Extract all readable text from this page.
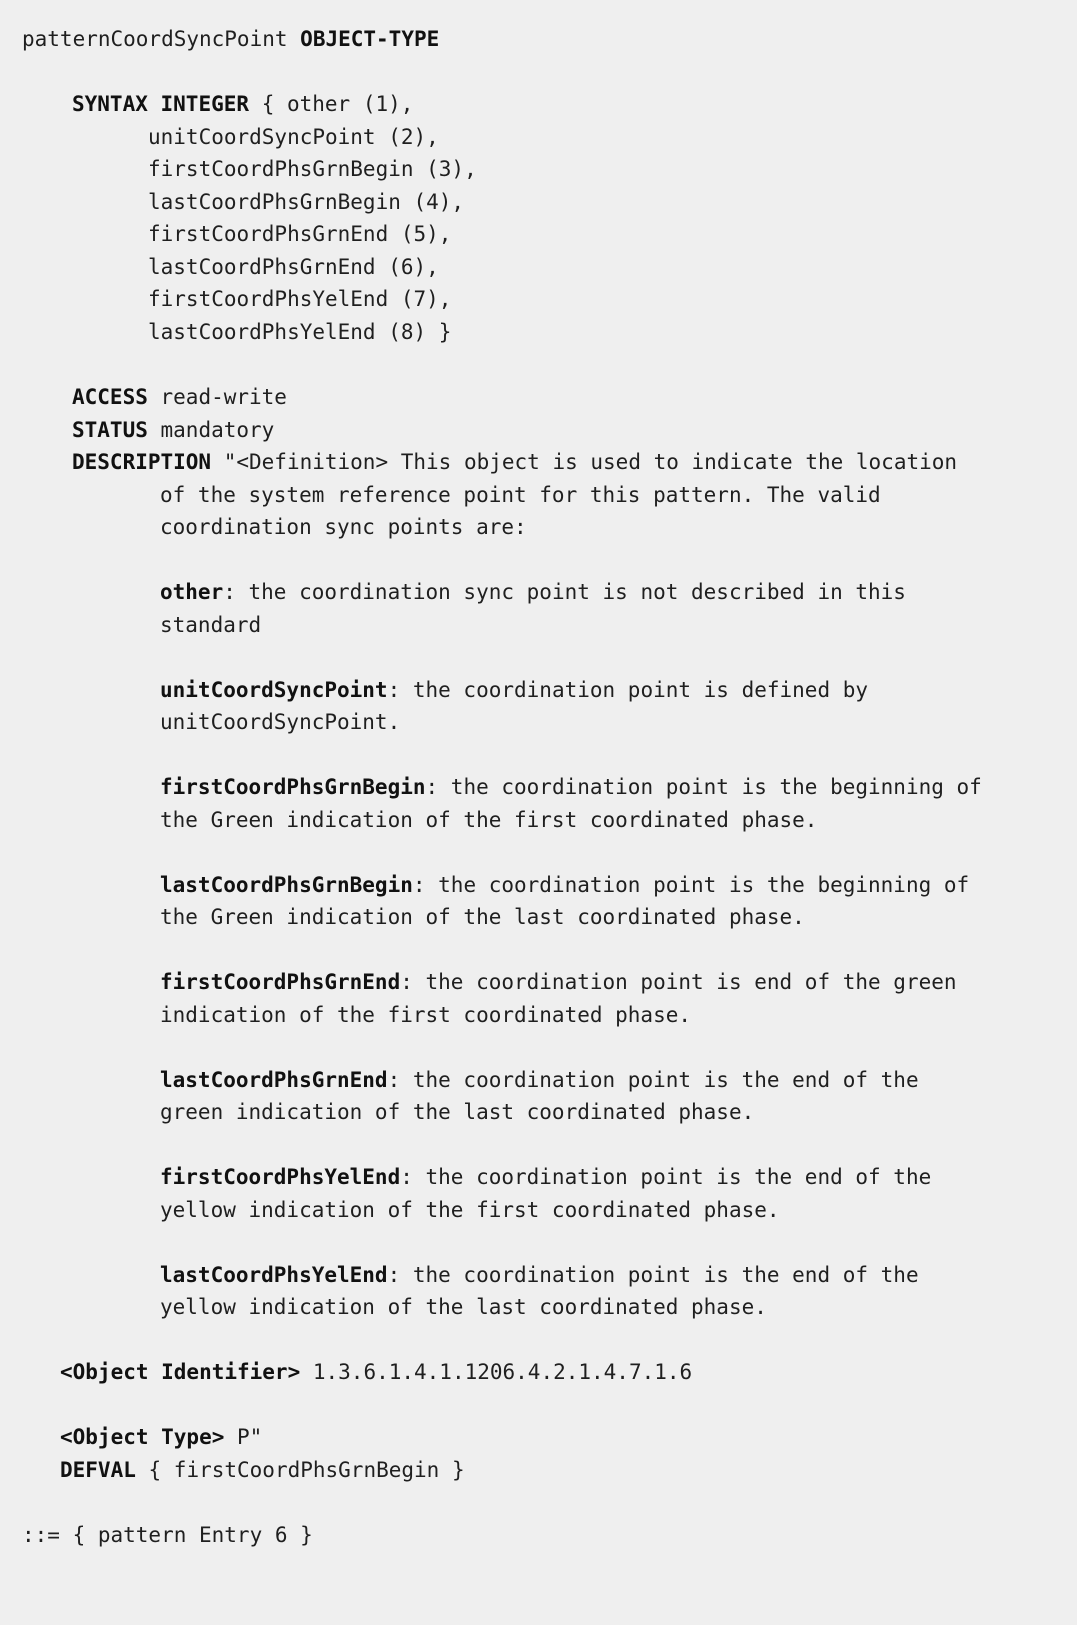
patternCoordSyncPoint OBJECT-TYPE
SYNTAX INTEGER { other (1),
unitCoordSyncPoint (2),
firstCoordPhsGrnBegin (3),
lastCoordPhsGrnBegin (4),
firstCoordPhsGrnEnd (5),
lastCoordPhsGrnEnd (6),
firstCoordPhsYelEnd (7),
lastCoordPhsYelEnd (8) }
ACCESS read-write
STATUS mandatory
DESCRIPTION "<Definition> This object is used to indicate the location
of the system reference point for this pattern. The valid
coordination sync points are:
other: the coordination sync point is not described in this
standard
unitCoordSyncPoint: the coordination point is defined by
unitCoordSyncPoint.
firstCoordPhsGrnBegin: the coordination point is the beginning of
the Green indication of the first coordinated phase.
lastCoordPhsGrnBegin: the coordination point is the beginning of
the Green indication of the last coordinated phase.
firstCoordPhsGrnEnd: the coordination point is end of the green
indication of the first coordinated phase.
lastCoordPhsGrnEnd: the coordination point is the end of the
green indication of the last coordinated phase.
firstCoordPhsYelEnd: the coordination point is the end of the
yellow indication of the first coordinated phase.
lastCoordPhsYelEnd: the coordination point is the end of the
yellow indication of the last coordinated phase.
<Object Identifier> 1.3.6.1.4.1.1206.4.2.1.4.7.1.6
<Object Type> P"
DEFVAL { firstCoordPhsGrnBegin }
::= { pattern Entry 6 }
